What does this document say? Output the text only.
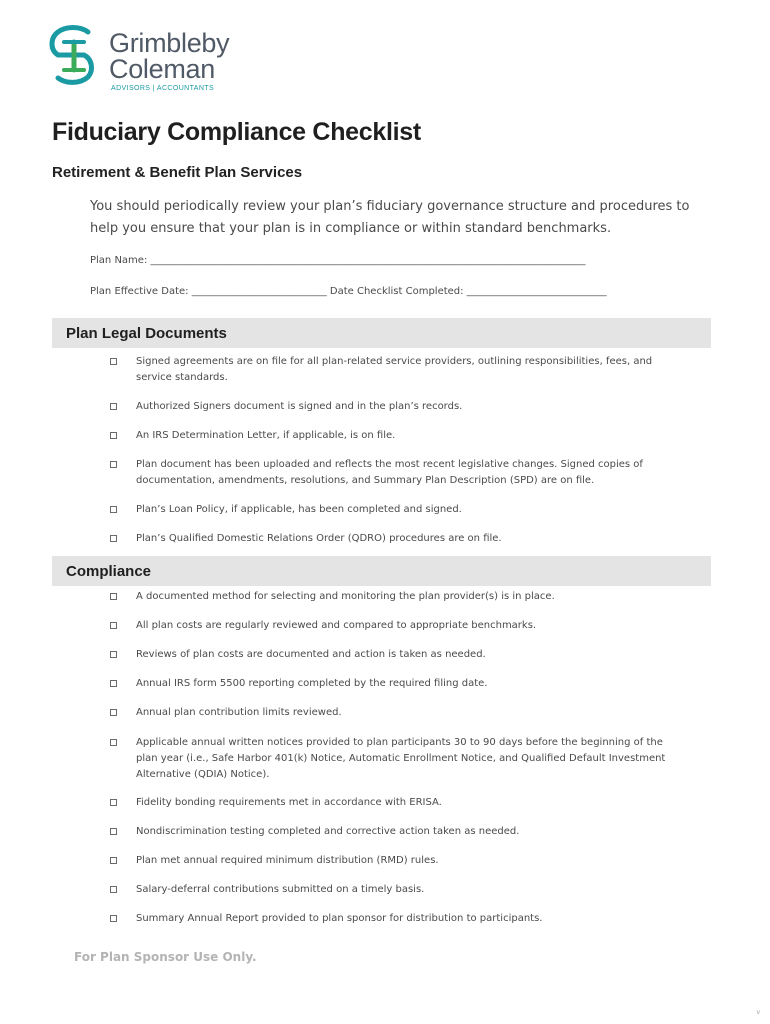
Grimbleby
Coleman
ADVISORS | ACCOUNTANTS
Fiduciary Compliance Checklist
Retirement & Benefit Plan Services

You should periodically review your plan’s fiduciary governance structure and procedures to help you ensure that your plan is in compliance or within standard benchmarks.

Plan Name: _______________________________________________________________________________________
Plan Effective Date: ___________________________ Date Checklist Completed: ____________________________
Plan Legal Documents
Signed agreements are on file for all plan-related service providers, outlining responsibilities, fees, and service standards.
Authorized Signers document is signed and in the plan’s records.
An IRS Determination Letter, if applicable, is on file.
Plan document has been uploaded and reflects the most recent legislative changes. Signed copies of documentation, amendments, resolutions, and Summary Plan Description (SPD) are on file.
Plan’s Loan Policy, if applicable, has been completed and signed.
Plan’s Qualified Domestic Relations Order (QDRO) procedures are on file.
Compliance
A documented method for selecting and monitoring the plan provider(s) is in place.
All plan costs are regularly reviewed and compared to appropriate benchmarks.
Reviews of plan costs are documented and action is taken as needed.
Annual IRS form 5500 reporting completed by the required filing date.
Annual plan contribution limits reviewed.
Applicable annual written notices provided to plan participants 30 to 90 days before the beginning of the plan year (i.e., Safe Harbor 401(k) Notice, Automatic Enrollment Notice, and Qualified Default Investment Alternative (QDIA) Notice).
Fidelity bonding requirements met in accordance with ERISA.
Nondiscrimination testing completed and corrective action taken as needed.
Plan met annual required minimum distribution (RMD) rules.
Salary-deferral contributions submitted on a timely basis.
Summary Annual Report provided to plan sponsor for distribution to participants.
For Plan Sponsor Use Only.
v
